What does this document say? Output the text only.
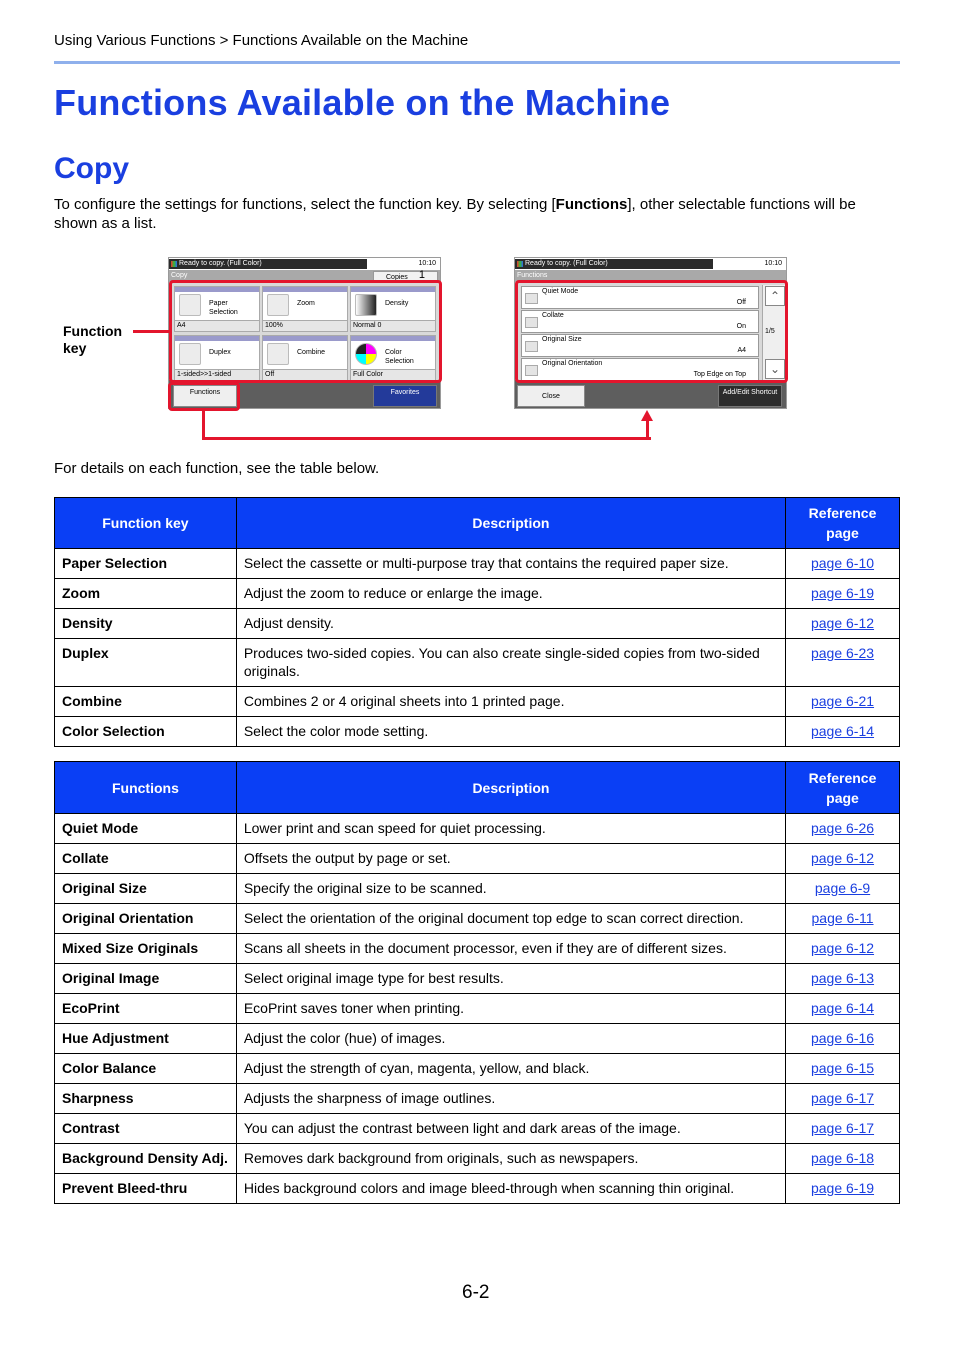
Using Various Functions > Functions Available on the Machine
Functions Available on the Machine
Copy

To configure the settings for functions, select the function key. By selecting [Functions], other selectable functions will be shown as a list.

Function
key
Ready to copy. (Full Color)	10:10
Copy	Copies 1
Paper Selection
A4
Zoom
100%
Density
Normal 0
Duplex
1-sided>>1-sided
Combine
Off
Color Selection
Full Color
Functions	Favorites
Ready to copy. (Full Color)	10:10
Functions
Quiet Mode
Off
Collate
On
Original Size
A4
Original Orientation
Top Edge on Top
⌃
1/5
⌄
Close
Add/Edit Shortcut
For details on each function, see the table below.
Function key	Description	Reference page
Paper Selection	Select the cassette or multi-purpose tray that contains the required paper size.	page 6-10
Zoom	Adjust the zoom to reduce or enlarge the image.	page 6-19
Density	Adjust density.	page 6-12
Duplex	Produces two-sided copies. You can also create single-sided copies from two-sided originals.	page 6-23
Combine	Combines 2 or 4 original sheets into 1 printed page.	page 6-21
Color Selection	Select the color mode setting.	page 6-14
Functions	Description	Reference page
Quiet Mode	Lower print and scan speed for quiet processing.	page 6-26
Collate	Offsets the output by page or set.	page 6-12
Original Size	Specify the original size to be scanned.	page 6-9
Original Orientation	Select the orientation of the original document top edge to scan correct direction.	page 6-11
Mixed Size Originals	Scans all sheets in the document processor, even if they are of different sizes.	page 6-12
Original Image	Select original image type for best results.	page 6-13
EcoPrint	EcoPrint saves toner when printing.	page 6-14
Hue Adjustment	Adjust the color (hue) of images.	page 6-16
Color Balance	Adjust the strength of cyan, magenta, yellow, and black.	page 6-15
Sharpness	Adjusts the sharpness of image outlines.	page 6-17
Contrast	You can adjust the contrast between light and dark areas of the image.	page 6-17
Background Density Adj.	Removes dark background from originals, such as newspapers.	page 6-18
Prevent Bleed-thru	Hides background colors and image bleed-through when scanning thin original.	page 6-19
6-2
